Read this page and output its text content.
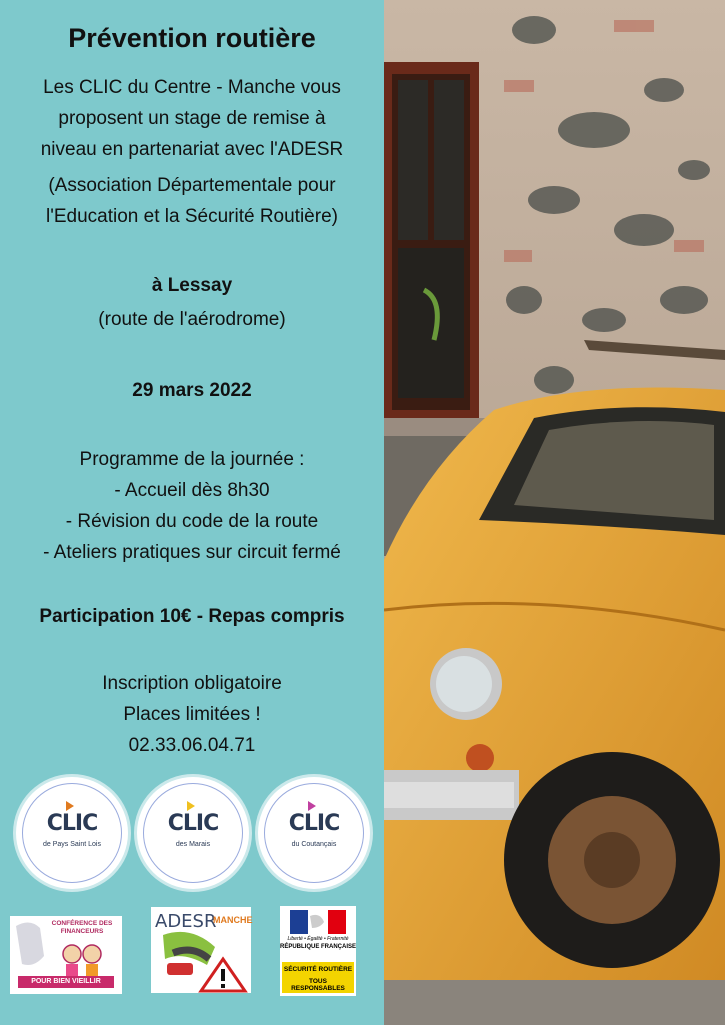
Prévention routière
Les CLIC du Centre - Manche vous
proposent un stage de remise à
niveau en partenariat avec l'ADESR
(Association Départementale pour
l'Education et la Sécurité Routière)
à Lessay
(route de l'aérodrome)
29 mars 2022
Programme de la journée :
- Accueil dès 8h30
- Révision du code de la route
- Ateliers pratiques sur circuit fermé
Participation 10€ - Repas compris
Inscription obligatoire
Places limitées !
02.33.06.04.71
CLIC
de Pays Saint Lois
CLIC
des Marais
CLIC
du Coutançais
CONFÉRENCE DES FINANCEURS
POUR BIEN VIEILLIR
ADESR
MANCHE
Liberté • Égalité • Fraternité
RÉPUBLIQUE FRANÇAISE
SÉCURITÉ ROUTIÈRE
TOUS RESPONSABLES
